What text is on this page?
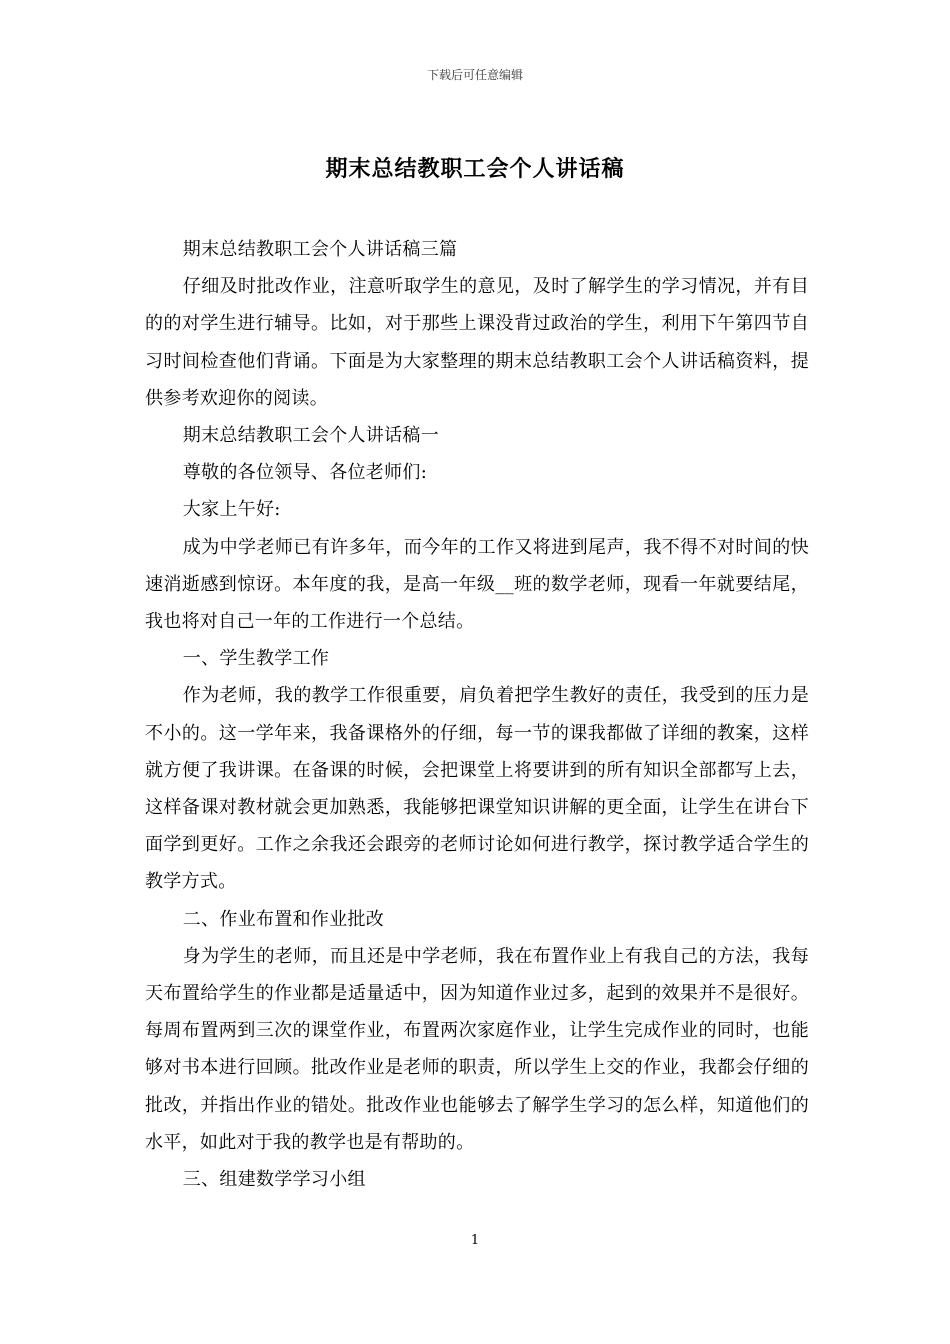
下载后可任意编辑
期末总结教职工会个人讲话稿

期末总结教职工会个人讲话稿三篇

仔细及时批改作业，注意听取学生的意见，及时了解学生的学习情况，并有目的的对学生进行辅导。比如，对于那些上课没背过政治的学生，利用下午第四节自习时间检查他们背诵。下面是为大家整理的期末总结教职工会个人讲话稿资料，提供参考欢迎你的阅读。

期末总结教职工会个人讲话稿一

尊敬的各位领导、各位老师们:

大家上午好:

成为中学老师已有许多年，而今年的工作又将进到尾声，我不得不对时间的快速消逝感到惊讶。本年度的我，是高一年级__班的数学老师，现看一年就要结尾，我也将对自己一年的工作进行一个总结。

一、学生教学工作

作为老师，我的教学工作很重要，肩负着把学生教好的责任，我受到的压力是不小的。这一学年来，我备课格外的仔细，每一节的课我都做了详细的教案，这样就方便了我讲课。在备课的时候，会把课堂上将要讲到的所有知识全部都写上去，这样备课对教材就会更加熟悉，我能够把课堂知识讲解的更全面，让学生在讲台下面学到更好。工作之余我还会跟旁的老师讨论如何进行教学，探讨教学适合学生的教学方式。

二、作业布置和作业批改

身为学生的老师，而且还是中学老师，我在布置作业上有我自己的方法，我每天布置给学生的作业都是适量适中，因为知道作业过多，起到的效果并不是很好。每周布置两到三次的课堂作业，布置两次家庭作业，让学生完成作业的同时，也能够对书本进行回顾。批改作业是老师的职责，所以学生上交的作业，我都会仔细的批改，并指出作业的错处。批改作业也能够去了解学生学习的怎么样，知道他们的水平，如此对于我的教学也是有帮助的。

三、组建数学学习小组

1
